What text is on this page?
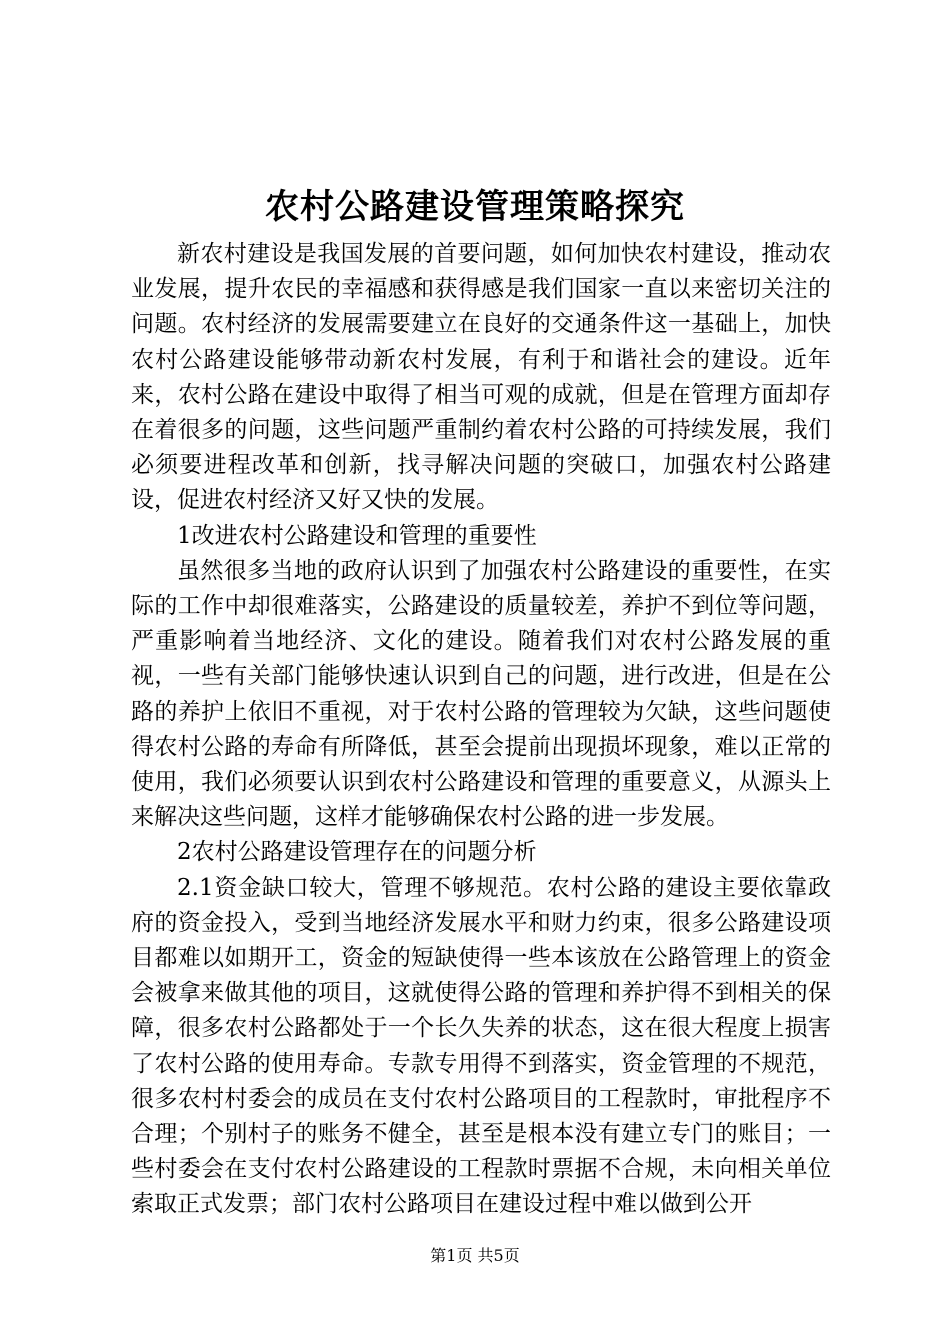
农村公路建设管理策略探究

新农村建设是我国发展的首要问题，如何加快农村建设，推动农业发展，提升农民的幸福感和获得感是我们国家一直以来密切关注的问题。农村经济的发展需要建立在良好的交通条件这一基础上，加快农村公路建设能够带动新农村发展，有利于和谐社会的建设。近年来，农村公路在建设中取得了相当可观的成就，但是在管理方面却存在着很多的问题，这些问题严重制约着农村公路的可持续发展，我们必须要进程改革和创新，找寻解决问题的突破口，加强农村公路建设，促进农村经济又好又快的发展。

1改进农村公路建设和管理的重要性

虽然很多当地的政府认识到了加强农村公路建设的重要性，在实际的工作中却很难落实，公路建设的质量较差，养护不到位等问题，严重影响着当地经济、文化的建设。随着我们对农村公路发展的重视，一些有关部门能够快速认识到自己的问题，进行改进，但是在公路的养护上依旧不重视，对于农村公路的管理较为欠缺，这些问题使得农村公路的寿命有所降低，甚至会提前出现损坏现象，难以正常的使用，我们必须要认识到农村公路建设和管理的重要意义，从源头上来解决这些问题，这样才能够确保农村公路的进一步发展。

2农村公路建设管理存在的问题分析

2.1资金缺口较大，管理不够规范。农村公路的建设主要依靠政府的资金投入，受到当地经济发展水平和财力约束，很多公路建设项目都难以如期开工，资金的短缺使得一些本该放在公路管理上的资金会被拿来做其他的项目，这就使得公路的管理和养护得不到相关的保障，很多农村公路都处于一个长久失养的状态，这在很大程度上损害了农村公路的使用寿命。专款专用得不到落实，资金管理的不规范，很多农村村委会的成员在支付农村公路项目的工程款时，审批程序不合理；个别村子的账务不健全，甚至是根本没有建立专门的账目；一些村委会在支付农村公路建设的工程款时票据不合规，未向相关单位索取正式发票；部门农村公路项目在建设过程中难以做到公开

第1页 共5页
